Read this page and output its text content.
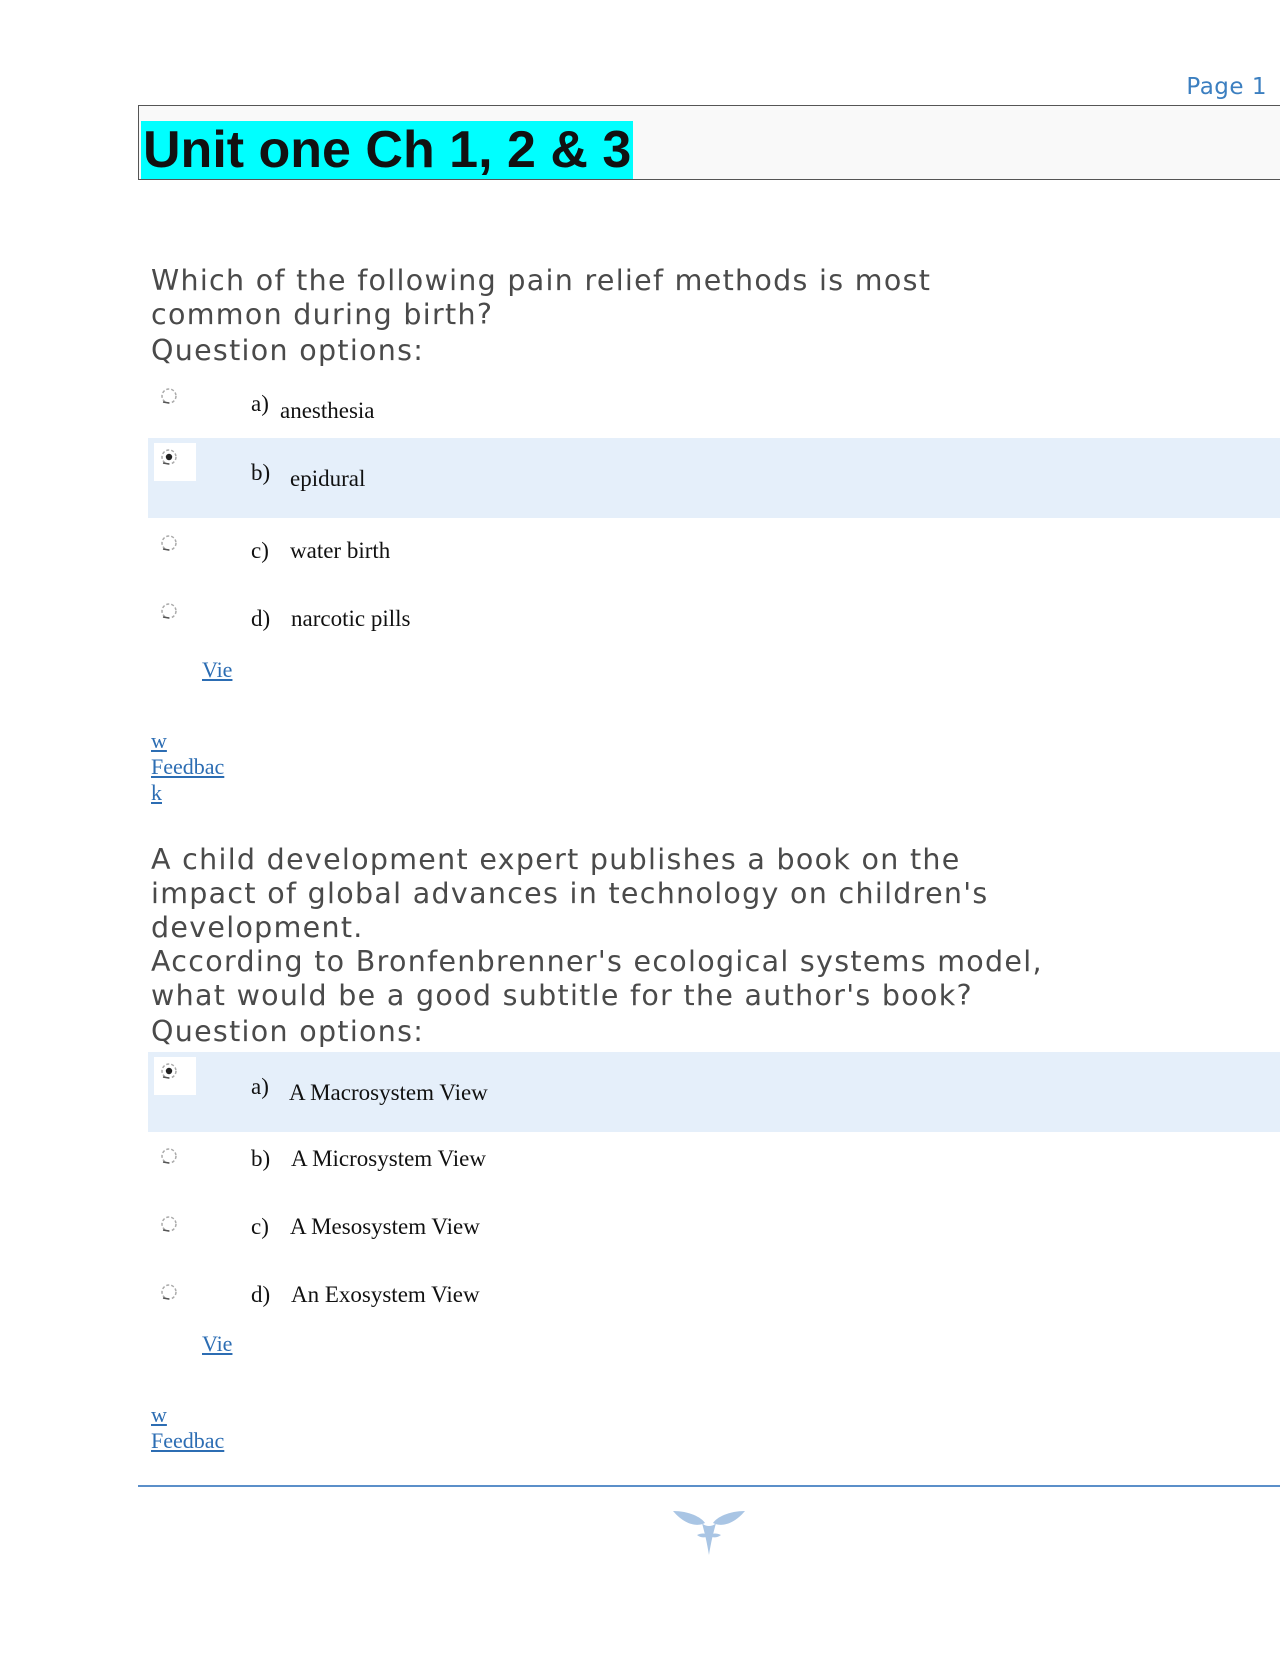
Page 1
Unit one Ch 1, 2 & 3
Which of the following pain relief methods is most
common during birth?
Question options:
a) anesthesia
b) epidural
c) water birth
d) narcotic pills
Vie
w
Feedbac
k
A child development expert publishes a book on the
impact of global advances in technology on children's
development.
According to Bronfenbrenner's ecological systems model,
what would be a good subtitle for the author's book?
Question options:
a) A Macrosystem View
b) A Microsystem View
c) A Mesosystem View
d) An Exosystem View
Vie
w
Feedbac
